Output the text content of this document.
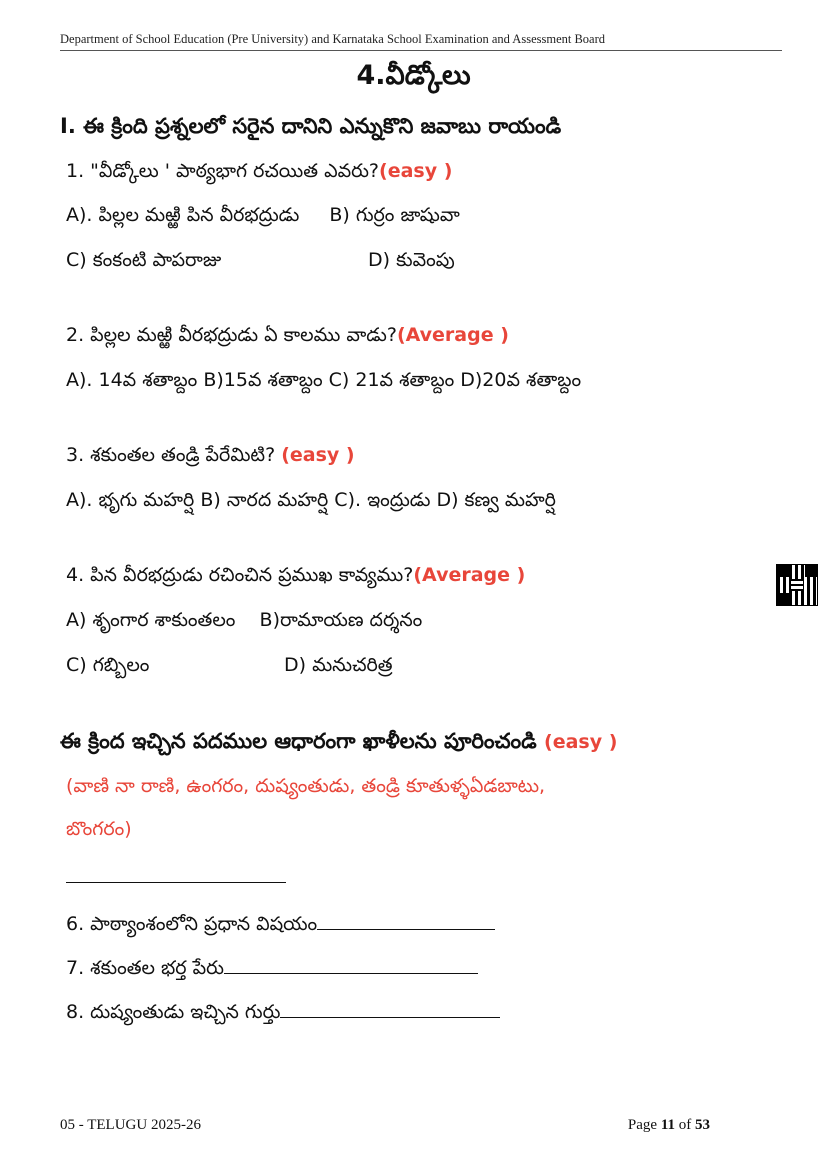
Department of School Education (Pre University) and Karnataka School Examination and Assessment Board
4.వీడ్కోలు
I. ఈ క్రింది ప్రశ్నలలో సరైన దానిని ఎన్నుకొని జవాబు రాయండి
1. "వీడ్కోలు ' పాఠ్యభాగ రచయిత ఎవరు?(easy )
A). పిల్లల మఱ్ఱి పిన వీరభద్రుడు B) గుర్రం జాషువా
C) కంకంటి పాపరాజు	D) కువెంపు
2. పిల్లల మఱ్ఱి వీరభద్రుడు ఏ కాలము వాడు?(Average )
A). 14వ శతాబ్దం B)15వ శతాబ్దం C) 21వ శతాబ్దం D)20వ శతాబ్దం
3. శకుంతల తండ్రి పేరేమిటి? (easy )
A). భృగు మహర్షి B) నారద మహర్షి C). ఇంద్రుడు D) కణ్వ మహర్షి
4. పిన వీరభద్రుడు రచించిన ప్రముఖ కావ్యము?(Average )
A) శృంగార శాకుంతలం B)రామాయణ దర్శనం
C) గబ్బిలం	D) మనుచరిత్ర
ఈ క్రింద ఇచ్చిన పదముల ఆధారంగా ఖాళీలను పూరించండి (easy )
(వాణి నా రాణి, ఉంగరం, దుష్యంతుడు, తండ్రి కూతుళ్ళఏడబాటు,
బొంగరం)
6. పాఠ్యాంశంలోని ప్రధాన విషయం
7. శకుంతల భర్త పేరు
8. దుష్యంతుడు ఇచ్చిన గుర్తు
05 - TELUGU 2025-26	Page 11 of 53
